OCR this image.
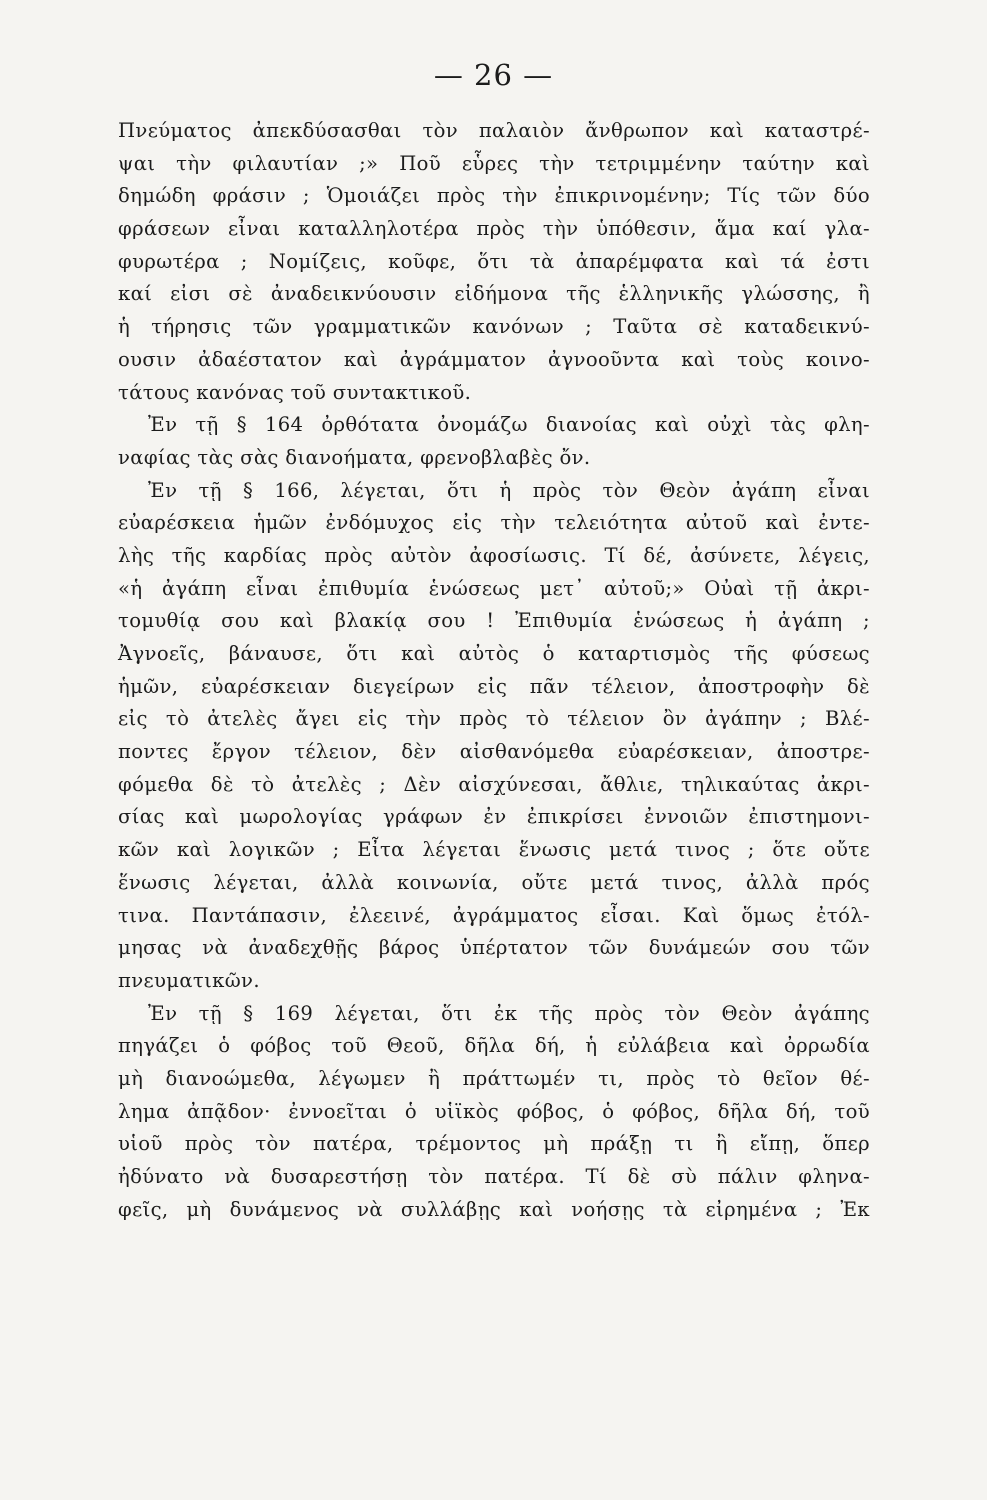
— 26 —

Πνεύματος ἀπεκδύσασθαι τὸν παλαιὸν ἄνθρωπον καὶ καταστρέ-
ψαι τὴν φιλαυτίαν ;» Ποῦ εὗρες τὴν τετριμμένην ταύτην καὶ
δημώδη φράσιν ; Ὁμοιάζει πρὸς τὴν ἐπικρινομένην; Τίς τῶν δύο
φράσεων εἶναι καταλληλοτέρα πρὸς τὴν ὑπόθεσιν, ἅμα καί γλα-
φυρωτέρα ; Νομίζεις, κοῦφε, ὅτι τὰ ἀπαρέμφατα καὶ τά ἐστι
καί εἰσι σὲ ἀναδεικνύουσιν εἰδήμονα τῆς ἑλληνικῆς γλώσσης, ἢ
ἡ τήρησις τῶν γραμματικῶν κανόνων ; Ταῦτα σὲ καταδεικνύ-
ουσιν ἀδαέστατον καὶ ἀγράμματον ἀγνοοῦντα καὶ τοὺς κοινο-
τάτους κανόνας τοῦ συντακτικοῦ.
Ἐν τῇ § 164 ὀρθότατα ὀνομάζω διανοίας καὶ οὐχὶ τὰς φλη-
ναφίας τὰς σὰς διανοήματα, φρενοβλαβὲς ὄν.
Ἐν τῇ § 166, λέγεται, ὅτι ἡ πρὸς τὸν Θεὸν ἀγάπη εἶναι
εὐαρέσκεια ἡμῶν ἐνδόμυχος εἰς τὴν τελειότητα αὐτοῦ καὶ ἐντε-
λὴς τῆς καρδίας πρὸς αὐτὸν ἀφοσίωσις. Τί δέ, ἀσύνετε, λέγεις,
«ἡ ἀγάπη εἶναι ἐπιθυμία ἑνώσεως μετ᾽ αὐτοῦ;» Οὐαὶ τῇ ἀκρι-
τομυθίᾳ σου καὶ βλακίᾳ σου ! Ἐπιθυμία ἑνώσεως ἡ ἀγάπη ;
Ἀγνοεῖς, βάναυσε, ὅτι καὶ αὐτὸς ὁ καταρτισμὸς τῆς φύσεως
ἡμῶν, εὐαρέσκειαν διεγείρων εἰς πᾶν τέλειον, ἀποστροφὴν δὲ
εἰς τὸ ἀτελὲς ἄγει εἰς τὴν πρὸς τὸ τέλειον ὂν ἀγάπην ; Βλέ-
ποντες ἔργον τέλειον, δὲν αἰσθανόμεθα εὐαρέσκειαν, ἀποστρε-
φόμεθα δὲ τὸ ἀτελὲς ; Δὲν αἰσχύνεσαι, ἄθλιε, τηλικαύτας ἀκρι-
σίας καὶ μωρολογίας γράφων ἐν ἐπικρίσει ἐννοιῶν ἐπιστημονι-
κῶν καὶ λογικῶν ; Εἶτα λέγεται ἕνωσις μετά τινος ; ὅτε οὔτε
ἕνωσις λέγεται, ἀλλὰ κοινωνία, οὔτε μετά τινος, ἀλλὰ πρός
τινα. Παντάπασιν, ἐλεεινέ, ἀγράμματος εἶσαι. Καὶ ὅμως ἐτόλ-
μησας νὰ ἀναδεχθῇς βάρος ὑπέρτατον τῶν δυνάμεών σου τῶν
πνευματικῶν.
Ἐν τῇ § 169 λέγεται, ὅτι ἐκ τῆς πρὸς τὸν Θεὸν ἀγάπης
πηγάζει ὁ φόβος τοῦ Θεοῦ, δῆλα δή, ἡ εὐλάβεια καὶ ὀρρωδία
μὴ διανοώμεθα, λέγωμεν ἢ πράττωμέν τι, πρὸς τὸ θεῖον θέ-
λημα ἀπᾷδον· ἐννοεῖται ὁ υἱϊκὸς φόβος, ὁ φόβος, δῆλα δή, τοῦ
υἱοῦ πρὸς τὸν πατέρα, τρέμοντος μὴ πράξῃ τι ἢ εἴπῃ, ὅπερ
ἠδύνατο νὰ δυσαρεστήσῃ τὸν πατέρα. Τί δὲ σὺ πάλιν φληνα-
φεῖς, μὴ δυνάμενος νὰ συλλάβῃς καὶ νοήσῃς τὰ εἰρημένα ; Ἐκ
